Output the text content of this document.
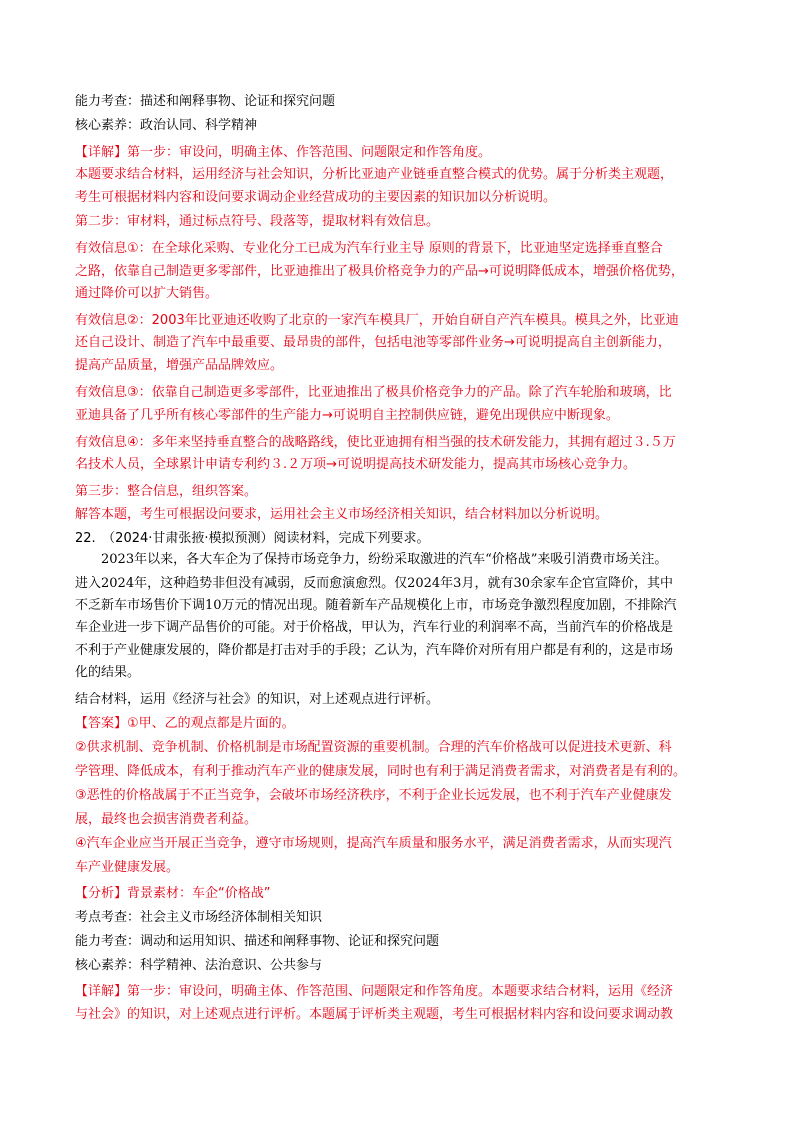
能力考查：描述和阐释事物、论证和探究问题
核心素养：政治认同、科学精神
【详解】第一步：审设问，明确主体、作答范围、问题限定和作答角度。
本题要求结合材料，运用经济与社会知识，分析比亚迪产业链垂直整合模式的优势。属于分析类主观题，
考生可根据材料内容和设问要求调动企业经营成功的主要因素的知识加以分析说明。
第二步：审材料，通过标点符号、段落等，提取材料有效信息。
有效信息①：在全球化采购、专业化分工已成为汽车行业主导 原则的背景下，比亚迪坚定选择垂直整合
之路，依靠自己制造更多零部件，比亚迪推出了极具价格竞争力的产品→可说明降低成本，增强价格优势，
通过降价可以扩大销售。
有效信息②：2003年比亚迪还收购了北京的一家汽车模具厂，开始自研自产汽车模具。模具之外，比亚迪
还自己设计、制造了汽车中最重要、最昂贵的部件，包括电池等零部件业务→可说明提高自主创新能力，
提高产品质量，增强产品品牌效应。
有效信息③：依靠自己制造更多零部件，比亚迪推出了极具价格竞争力的产品。除了汽车轮胎和玻璃，比
亚迪具备了几乎所有核心零部件的生产能力→可说明自主控制供应链，避免出现供应中断现象。
有效信息④：多年来坚持垂直整合的战略路线，使比亚迪拥有相当强的技术研发能力，其拥有超过３.５万
名技术人员，全球累计申请专利约３.２万项→可说明提高技术研发能力，提高其市场核心竞争力。
第三步：整合信息，组织答案。
解答本题，考生可根据设问要求，运用社会主义市场经济相关知识，结合材料加以分析说明。
22.　（2024·甘肃张掖·模拟预测）阅读材料，完成下列要求。
　　2023年以来，各大车企为了保持市场竞争力，纷纷采取激进的汽车“价格战”来吸引消费市场关注。
进入2024年，这种趋势非但没有减弱，反而愈演愈烈。仅2024年3月，就有30余家车企官宣降价，其中
不乏新车市场售价下调10万元的情况出现。随着新车产品规模化上市，市场竞争激烈程度加剧，不排除汽
车企业进一步下调产品售价的可能。对于价格战，甲认为，汽车行业的利润率不高，当前汽车的价格战是
不利于产业健康发展的，降价都是打击对手的手段；乙认为，汽车降价对所有用户都是有利的，这是市场
化的结果。
结合材料，运用《经济与社会》的知识，对上述观点进行评析。
【答案】①甲、乙的观点都是片面的。
②供求机制、竞争机制、价格机制是市场配置资源的重要机制。合理的汽车价格战可以促进技术更新、科
学管理、降低成本，有利于推动汽车产业的健康发展，同时也有利于满足消费者需求，对消费者是有利的。
③恶性的价格战属于不正当竞争，会破坏市场经济秩序，不利于企业长远发展，也不利于汽车产业健康发
展，最终也会损害消费者利益。
④汽车企业应当开展正当竞争，遵守市场规则，提高汽车质量和服务水平，满足消费者需求，从而实现汽
车产业健康发展。
【分析】背景素材：车企“价格战”
考点考查：社会主义市场经济体制相关知识
能力考查：调动和运用知识、描述和阐释事物、论证和探究问题
核心素养：科学精神、法治意识、公共参与
【详解】第一步：审设问，明确主体、作答范围、问题限定和作答角度。本题要求结合材料，运用《经济
与社会》的知识，对上述观点进行评析。本题属于评析类主观题，考生可根据材料内容和设问要求调动教
